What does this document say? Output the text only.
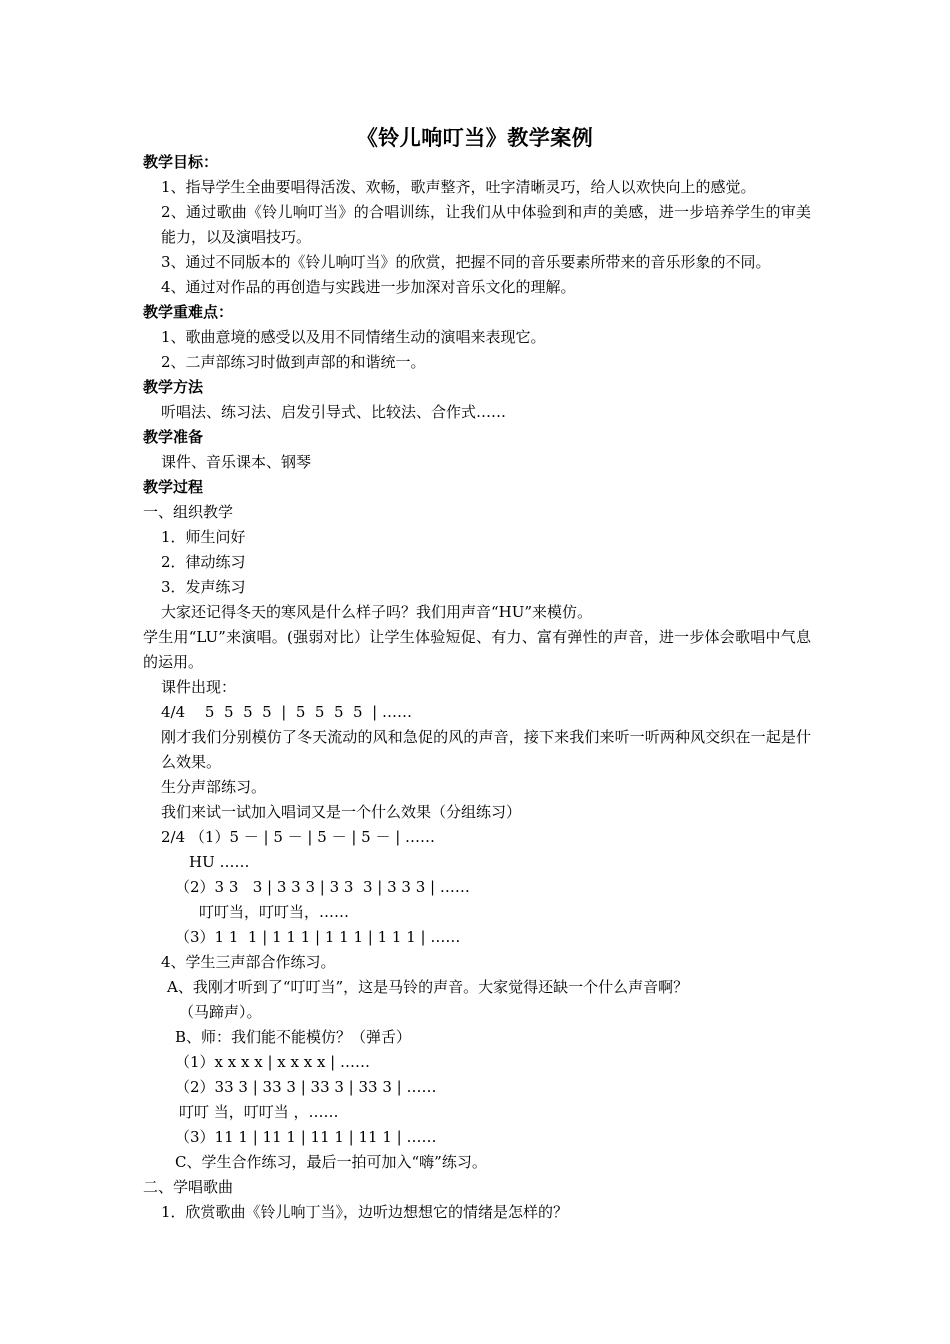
《铃儿响叮当》教学案例

教学目标：

1、指导学生全曲要唱得活泼、欢畅，歌声整齐，吐字清晰灵巧，给人以欢快向上的感觉。

2、通过歌曲《铃儿响叮当》的合唱训练，让我们从中体验到和声的美感，进一步培养学生的审美能力，以及演唱技巧。

3、通过不同版本的《铃儿响叮当》的欣赏，把握不同的音乐要素所带来的音乐形象的不同。

4、通过对作品的再创造与实践进一步加深对音乐文化的理解。

教学重难点：

1、歌曲意境的感受以及用不同情绪生动的演唱来表现它。

2、二声部练习时做到声部的和谐统一。

教学方法

听唱法、练习法、启发引导式、比较法、合作式……

教学准备

课件、音乐课本、钢琴

教学过程

一、组织教学

1．师生问好

2．律动练习

3．发声练习

大家还记得冬天的寒风是什么样子吗？我们用声音“HU”来模仿。

学生用“LU”来演唱。(强弱对比）让学生体验短促、有力、富有弹性的声音，进一步体会歌唱中气息的运用。

课件出现：

4/4　 5  5  5  5  |  5  5  5  5  | ……

刚才我们分别模仿了冬天流动的风和急促的风的声音，接下来我们来听一听两种风交织在一起是什么效果。

生分声部练习。

我们来试一试加入唱词又是一个什么效果（分组练习）

2/4 （1）5 － | 5 － | 5 － | 5 － | ……

HU ……

（2）3 3   3 | 3 3 3 | 3 3  3 | 3 3 3 | ……

叮叮当，叮叮当，……

（3）1 1  1 | 1 1 1 | 1 1 1 | 1 1 1 | ……

4、学生三声部合作练习。

A、我刚才听到了“叮叮当”，这是马铃的声音。大家觉得还缺一个什么声音啊？

（马蹄声）。

B、师：我们能不能模仿？（弹舌）

（1）x x x x | x x x x | ……

（2）33 3 | 33 3 | 33 3 | 33 3 | ……

叮叮 当，叮叮当 ，……

（3）11 1 | 11 1 | 11 1 | 11 1 | ……

C、学生合作练习，最后一拍可加入“嗨”练习。

二、学唱歌曲

1．欣赏歌曲《铃儿响丁当》，边听边想想它的情绪是怎样的？
